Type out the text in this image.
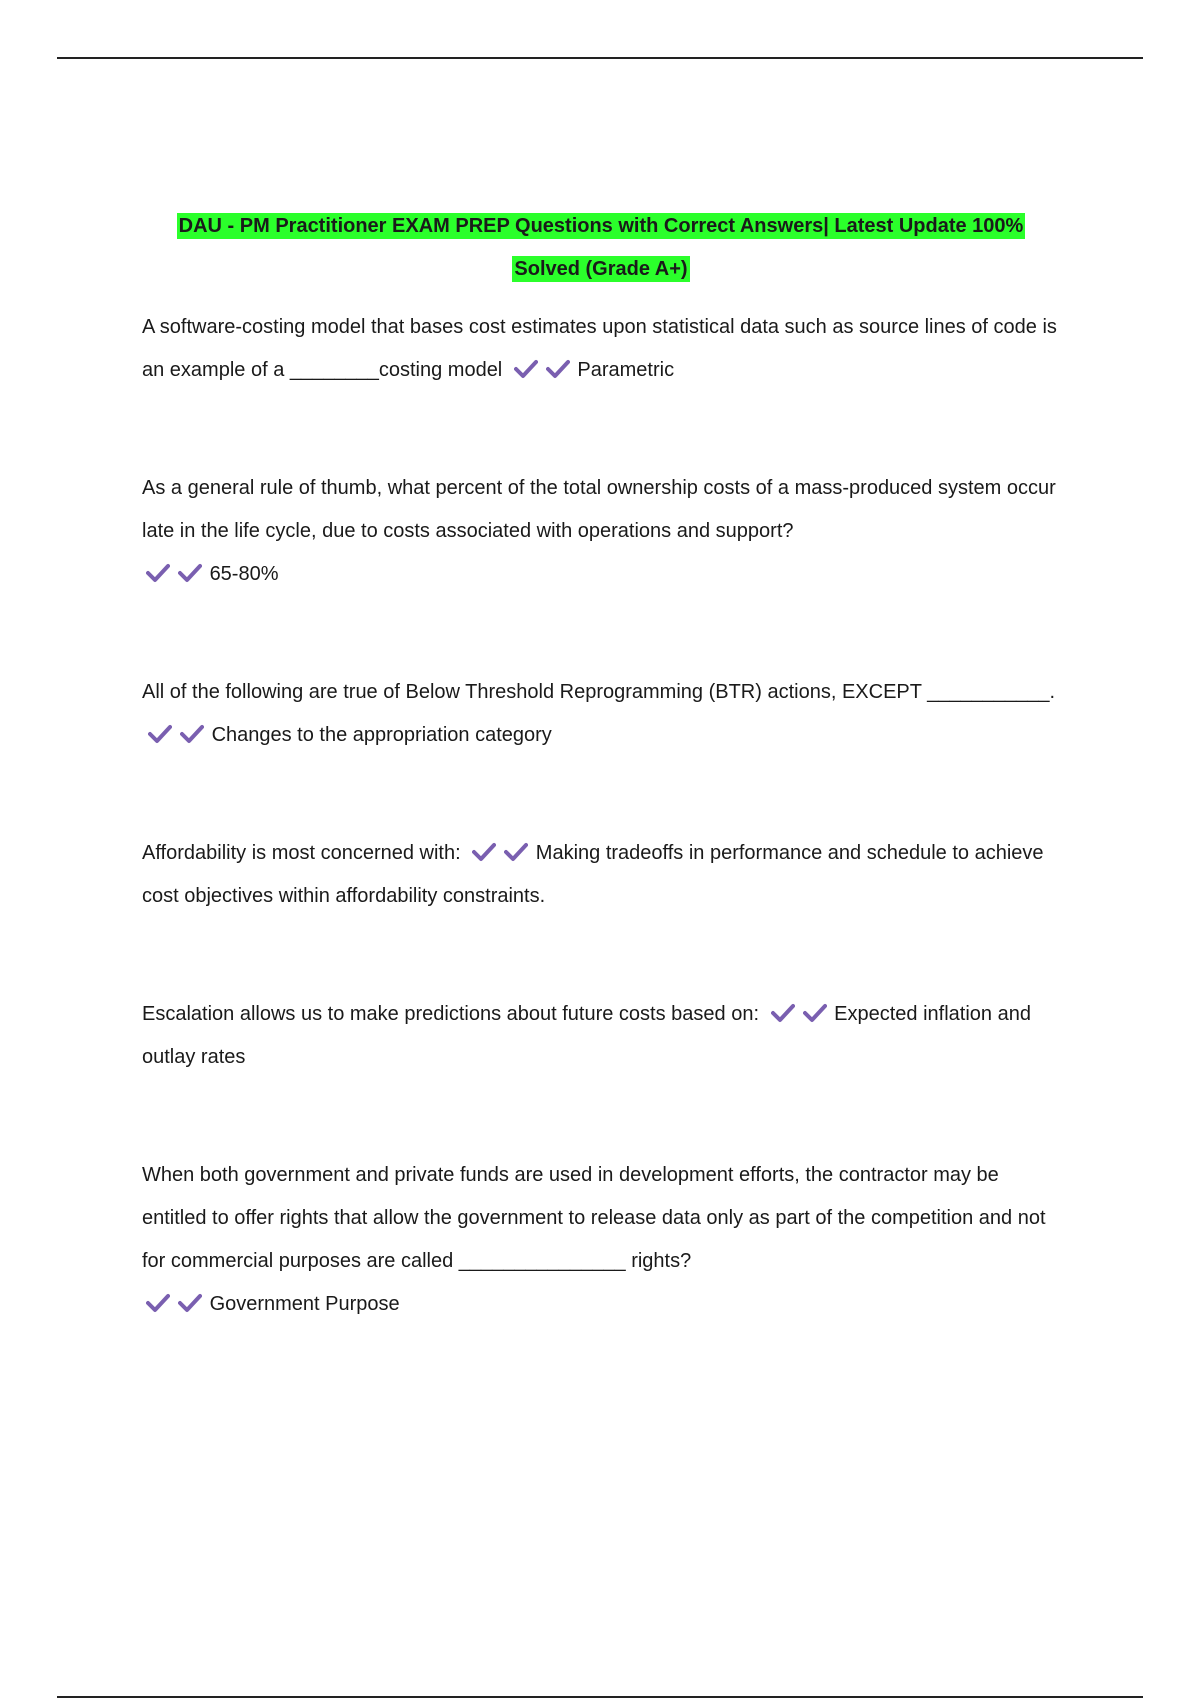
DAU - PM Practitioner EXAM PREP Questions with Correct Answers| Latest Update 100%
Solved (Grade A+)

A software-costing model that bases cost estimates upon statistical data such as source lines of code is an example of a ________costing model	Parametric

As a general rule of thumb, what percent of the total ownership costs of a mass-produced system occur late in the life cycle, due to costs associated with operations and support?
65-80%

All of the following are true of Below Threshold Reprogramming (BTR) actions, EXCEPT ___________.  Changes to the appropriation category

Affordability is most concerned with:	Making tradeoffs in performance and schedule to achieve cost objectives within affordability constraints.

Escalation allows us to make predictions about future costs based on:	Expected inflation and outlay rates

When both government and private funds are used in development efforts, the contractor may be entitled to offer rights that allow the government to release data only as part of the competition and not for commercial purposes are called _______________ rights?
Government Purpose
